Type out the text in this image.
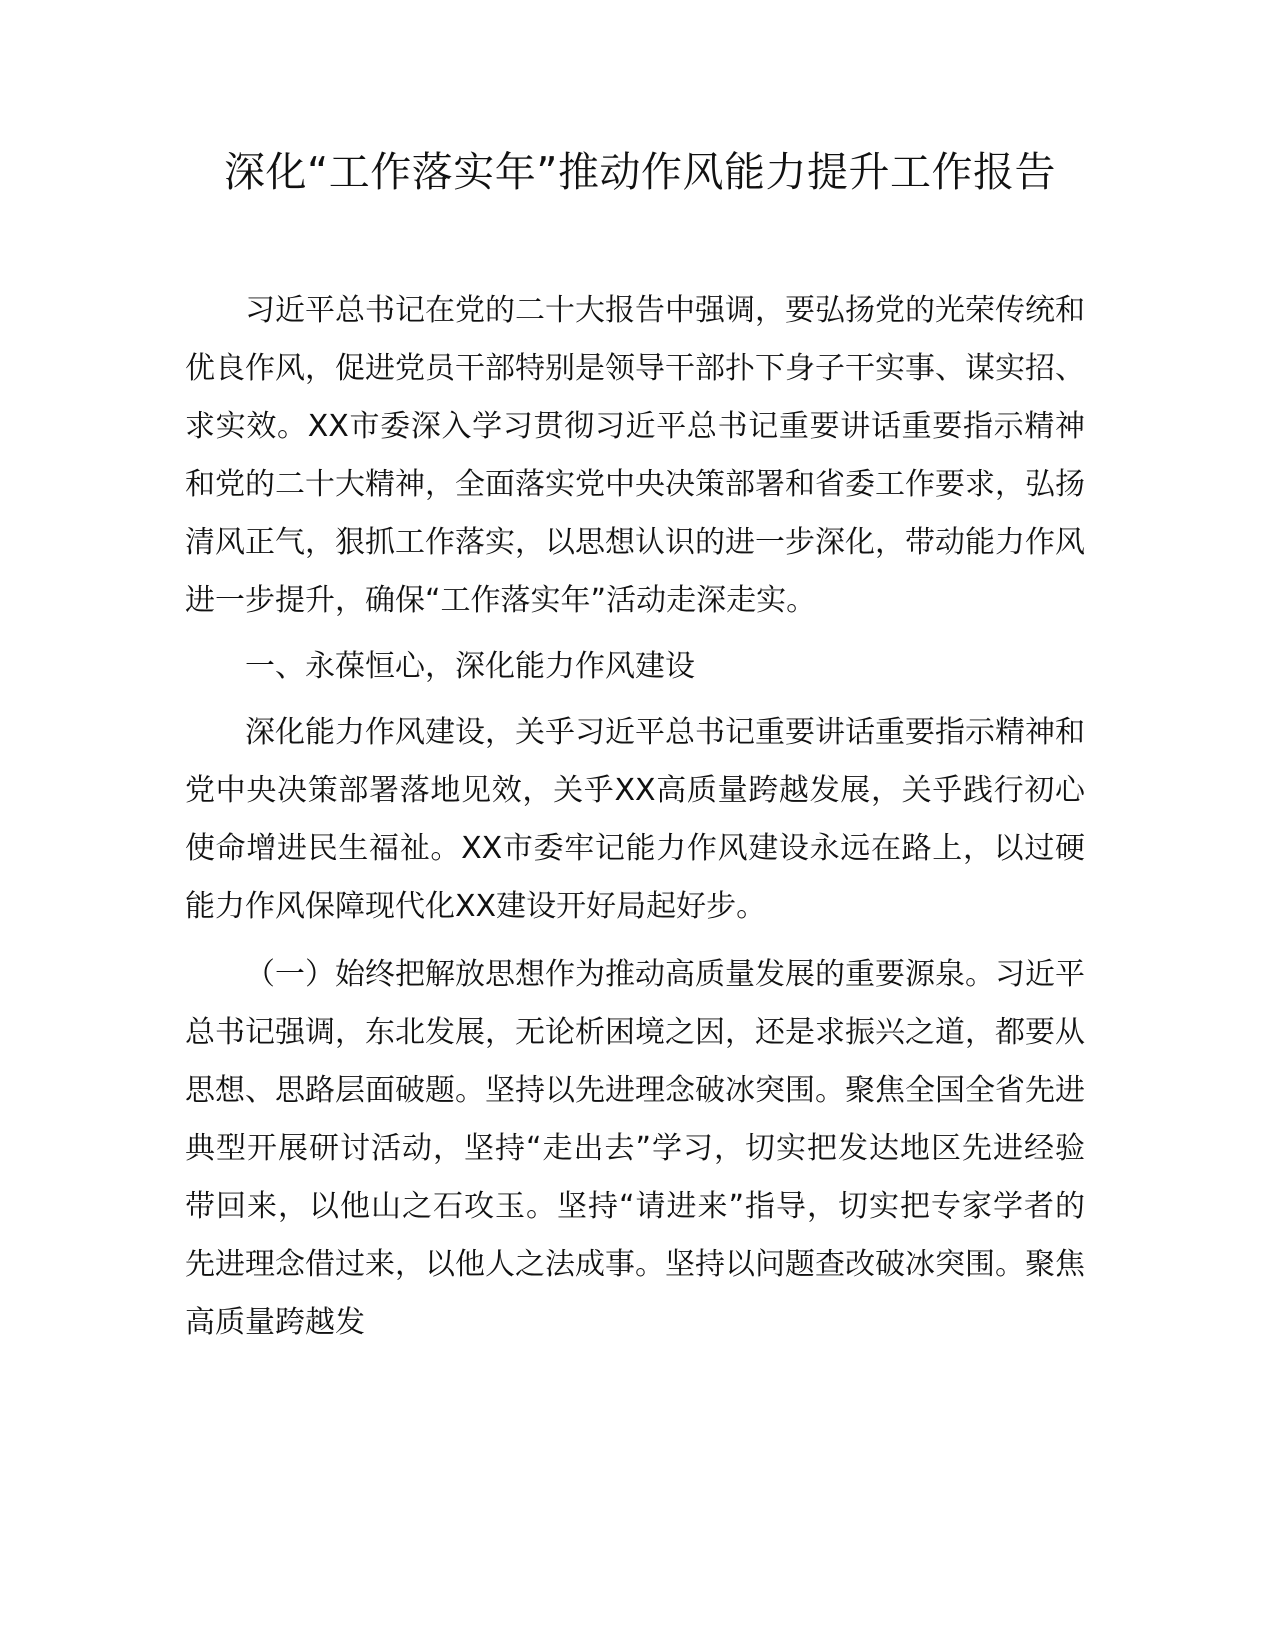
深化“工作落实年”推动作风能力提升工作报告

习近平总书记在党的二十大报告中强调，要弘扬党的光荣传统和优良作风，促进党员干部特别是领导干部扑下身子干实事、谋实招、求实效。XX市委深入学习贯彻习近平总书记重要讲话重要指示精神和党的二十大精神，全面落实党中央决策部署和省委工作要求，弘扬清风正气，狠抓工作落实，以思想认识的进一步深化，带动能力作风进一步提升，确保“工作落实年”活动走深走实。

一、永葆恒心，深化能力作风建设

深化能力作风建设，关乎习近平总书记重要讲话重要指示精神和党中央决策部署落地见效，关乎XX高质量跨越发展，关乎践行初心使命增进民生福祉。XX市委牢记能力作风建设永远在路上，以过硬能力作风保障现代化XX建设开好局起好步。

（一）始终把解放思想作为推动高质量发展的重要源泉。习近平总书记强调，东北发展，无论析困境之因，还是求振兴之道，都要从思想、思路层面破题。坚持以先进理念破冰突围。聚焦全国全省先进典型开展研讨活动，坚持“走出去”学习，切实把发达地区先进经验带回来，以他山之石攻玉。坚持“请进来”指导，切实把专家学者的先进理念借过来，以他人之法成事。坚持以问题查改破冰突围。聚焦高质量跨越发
